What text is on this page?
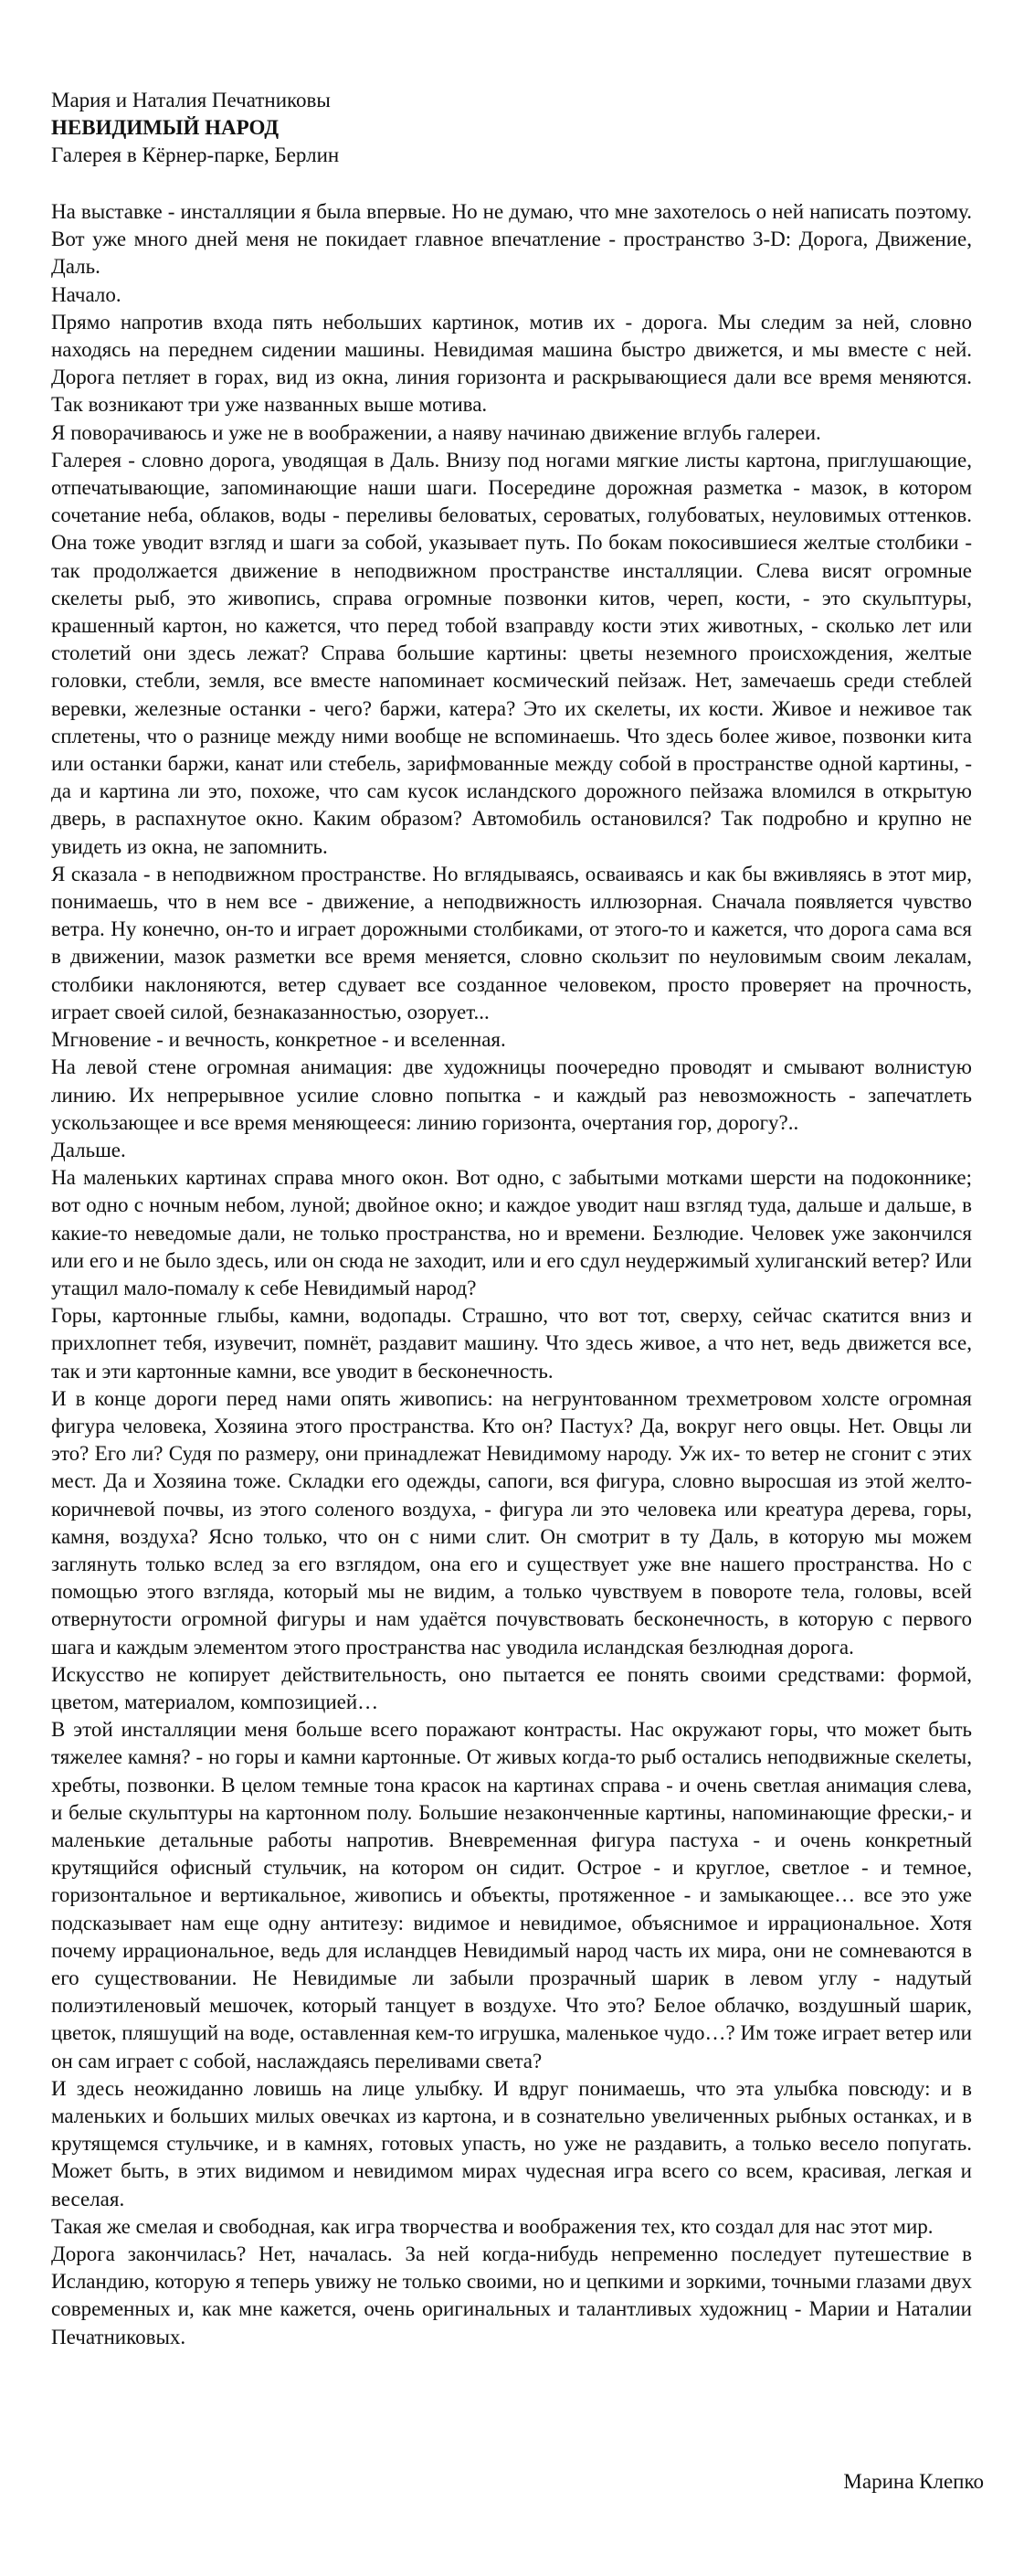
Мария и Наталия Печатниковы

НЕВИДИМЫЙ НАРОД

Галерея в Кёрнер-парке, Берлин

На выставке - инсталляции я была впервые. Но не думаю, что мне захотелось о ней написать поэтому. Вот уже много дней меня не покидает главное впечатление - пространство 3-D: Дорога, Движение, Даль.

Начало.

Прямо напротив входа пять небольших картинок, мотив их - дорога. Мы следим за ней, словно находясь на переднем сидении машины. Невидимая машина быстро движется, и мы вместе с ней. Дорога петляет в горах, вид из окна, линия горизонта и раскрывающиеся дали все время меняются. Так возникают три уже названных выше мотива.

Я поворачиваюсь и уже не в воображении, а наяву начинаю движение вглубь галереи.

Галерея - словно дорога, уводящая в Даль. Внизу под ногами мягкие листы картона, приглушающие, отпечатывающие, запоминающие наши шаги. Посередине дорожная разметка - мазок, в котором сочетание неба, облаков, воды - переливы беловатых, сероватых, голубоватых, неуловимых оттенков. Она тоже уводит взгляд и шаги за собой, указывает путь. По бокам покосившиеся желтые столбики - так продолжается движение в неподвижном пространстве инсталляции. Слева висят огромные скелеты рыб, это живопись, справа огромные позвонки китов, череп, кости, - это скульптуры, крашенный картон, но кажется, что перед тобой взаправду кости этих животных, - сколько лет или столетий они здесь лежат? Справа большие картины: цветы неземного происхождения, желтые головки, стебли, земля, все вместе напоминает космический пейзаж. Нет, замечаешь среди стеблей веревки, железные останки - чего? баржи, катера? Это их скелеты, их кости. Живое и неживое так сплетены, что о разнице между ними вообще не вспоминаешь. Что здесь более живое, позвонки кита или останки баржи, канат или стебель, зарифмованные между собой в пространстве одной картины, - да и картина ли это, похоже, что сам кусок исландского дорожного пейзажа вломился в открытую дверь, в распахнутое окно. Каким образом? Автомобиль остановился? Так подробно и крупно не увидеть из окна, не запомнить.

Я сказала - в неподвижном пространстве. Но вглядываясь, осваиваясь и как бы вживляясь в этот мир, понимаешь, что в нем все - движение, а неподвижность иллюзорная. Сначала появляется чувство ветра. Ну конечно, он-то и играет дорожными столбиками, от этого-то и кажется, что дорога сама вся в движении, мазок разметки все время меняется, словно скользит по неуловимым своим лекалам, столбики наклоняются, ветер сдувает все созданное человеком, просто проверяет на прочность, играет своей силой, безнаказанностью, озорует...

Мгновение - и вечность, конкретное - и вселенная.

На левой стене огромная анимация: две художницы поочередно проводят и смывают волнистую линию. Их непрерывное усилие словно попытка - и каждый раз невозможность - запечатлеть ускользающее и все время меняющееся: линию горизонта, очертания гор, дорогу?..

Дальше.

На маленьких картинах справа много окон. Вот одно, с забытыми мотками шерсти на подоконнике; вот одно с ночным небом, луной; двойное окно; и каждое уводит наш взгляд туда, дальше и дальше, в какие-то неведомые дали, не только пространства, но и времени. Безлюдие. Человек уже закончился или его и не было здесь, или он сюда не заходит, или и его сдул неудержимый хулиганский ветер? Или утащил мало-помалу к себе Невидимый народ?

Горы, картонные глыбы, камни, водопады. Страшно, что вот тот, сверху, сейчас скатится вниз и прихлопнет тебя, изувечит, помнёт, раздавит машину. Что здесь живое, а что нет, ведь движется все, так и эти картонные камни, все уводит в бесконечность.

И в конце дороги перед нами опять живопись: на негрунтованном трехметровом холсте огромная фигура человека, Хозяина этого пространства. Кто он? Пастух? Да, вокруг него овцы. Нет. Овцы ли это? Его ли? Судя по размеру, они принадлежат Невидимому народу. Уж их- то ветер не сгонит с этих мест. Да и Хозяина тоже. Складки его одежды, сапоги, вся фигура, словно выросшая из этой желто-коричневой почвы, из этого соленого воздуха, - фигура ли это человека или креатура дерева, горы, камня, воздуха? Ясно только, что он с ними слит. Он смотрит в ту Даль, в которую мы можем заглянуть только вслед за его взглядом, она его и существует уже вне нашего пространства. Но с помощью этого взгляда, который мы не видим, а только чувствуем в повороте тела, головы, всей отвернутости огромной фигуры и нам удаётся почувствовать бесконечность, в которую с первого шага и каждым элементом этого пространства нас уводила исландская безлюдная дорога.

Искусство не копирует действительность, оно пытается ее понять своими средствами: формой, цветом, материалом, композицией…

В этой инсталляции меня больше всего поражают контрасты. Нас окружают горы, что может быть тяжелее камня? - но горы и камни картонные. От живых когда-то рыб остались неподвижные скелеты, хребты, позвонки. В целом темные тона красок на картинах справа - и очень светлая анимация слева, и белые скульптуры на картонном полу. Большие незаконченные картины, напоминающие фрески,- и маленькие детальные работы напротив. Вневременная фигура пастуха - и очень конкретный крутящийся офисный стульчик, на котором он сидит. Острое - и круглое, светлое - и темное, горизонтальное и вертикальное, живопись и объекты, протяженное - и замыкающее… все это уже подсказывает нам еще одну антитезу: видимое и невидимое, объяснимое и иррациональное. Хотя почему иррациональное, ведь для исландцев Невидимый народ часть их мира, они не сомневаются в его существовании. Не Невидимые ли забыли прозрачный шарик в левом углу - надутый полиэтиленовый мешочек, который танцует в воздухе. Что это? Белое облачко, воздушный шарик, цветок, пляшущий на воде, оставленная кем-то игрушка, маленькое чудо…? Им тоже играет ветер или он сам играет с собой, наслаждаясь переливами света?

И здесь неожиданно ловишь на лице улыбку. И вдруг понимаешь, что эта улыбка повсюду: и в маленьких и больших милых овечках из картона, и в сознательно увеличенных рыбных останках, и в крутящемся стульчике, и в камнях, готовых упасть, но уже не раздавить, а только весело попугать. Может быть, в этих видимом и невидимом мирах чудесная игра всего со всем, красивая, легкая и веселая.

Такая же смелая и свободная, как игра творчества и воображения тех, кто создал для нас этот мир.

Дорога закончилась? Нет, началась. За ней когда-нибудь непременно последует путешествие в Исландию, которую я теперь увижу не только своими, но и цепкими и зоркими, точными глазами двух современных и, как мне кажется, очень оригинальных и талантливых художниц - Марии и Наталии Печатниковых.

Марина Клепко
